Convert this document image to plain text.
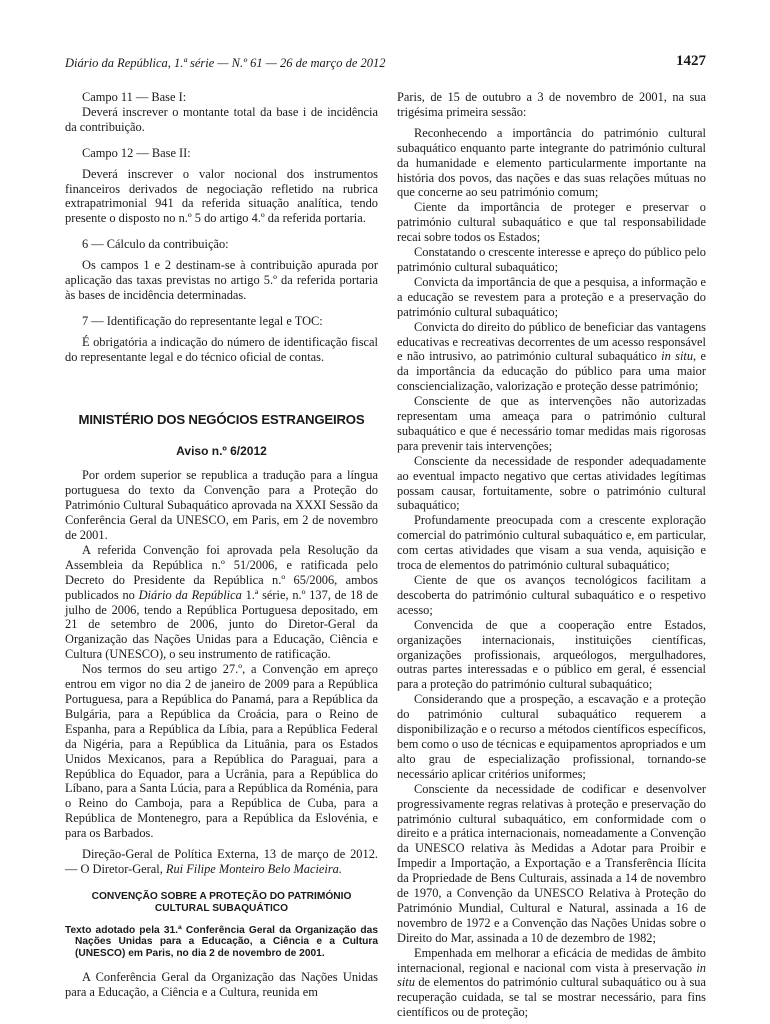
Diário da República, 1.ª série — N.º 61 — 26 de março de 2012	1427

Campo 11 — Base I:

Deverá inscrever o montante total da base i de incidência da contribuição.

Campo 12 — Base II:

Deverá inscrever o valor nocional dos instrumentos financeiros derivados de negociação refletido na rubrica extrapatrimonial 941 da referida situação analítica, tendo presente o disposto no n.º 5 do artigo 4.º da referida portaria.

6 — Cálculo da contribuição:

Os campos 1 e 2 destinam-se à contribuição apurada por aplicação das taxas previstas no artigo 5.º da referida portaria às bases de incidência determinadas.

7 — Identificação do representante legal e TOC:

É obrigatória a indicação do número de identificação fiscal do representante legal e do técnico oficial de contas.

MINISTÉRIO DOS NEGÓCIOS ESTRANGEIROS
Aviso n.º 6/2012

Por ordem superior se republica a tradução para a língua portuguesa do texto da Convenção para a Proteção do Património Cultural Subaquático aprovada na XXXI Sessão da Conferência Geral da UNESCO, em Paris, em 2 de novembro de 2001.

A referida Convenção foi aprovada pela Resolução da Assembleia da República n.º 51/2006, e ratificada pelo Decreto do Presidente da República n.º 65/2006, ambos publicados no Diário da República 1.ª série, n.º 137, de 18 de julho de 2006, tendo a República Portuguesa depositado, em 21 de setembro de 2006, junto do Diretor-Geral da Organização das Nações Unidas para a Educação, Ciência e Cultura (UNESCO), o seu instrumento de ratificação.

Nos termos do seu artigo 27.º, a Convenção em apreço entrou em vigor no dia 2 de janeiro de 2009 para a República Portuguesa, para a República do Panamá, para a República da Bulgária, para a República da Croácia, para o Reino de Espanha, para a República da Líbia, para a República Federal da Nigéria, para a República da Lituânia, para os Estados Unidos Mexicanos, para a República do Paraguai, para a República do Equador, para a Ucrânia, para a República do Líbano, para a Santa Lúcia, para a República da Roménia, para o Reino do Camboja, para a República de Cuba, para a República de Montenegro, para a República da Eslovénia, e para os Barbados.

Direção-Geral de Política Externa, 13 de março de 2012. — O Diretor-Geral, Rui Filipe Monteiro Belo Macieira.

CONVENÇÃO SOBRE A PROTEÇÃO DO PATRIMÓNIO CULTURAL SUBAQUÁTICO

Texto adotado pela 31.ª Conferência Geral da Organização das Nações Unidas para a Educação, a Ciência e a Cultura (UNESCO) em Paris, no dia 2 de novembro de 2001.

A Conferência Geral da Organização das Nações Unidas para a Educação, a Ciência e a Cultura, reunida em

Paris, de 15 de outubro a 3 de novembro de 2001, na sua trigésima primeira sessão:

Reconhecendo a importância do património cultural subaquático enquanto parte integrante do património cultural da humanidade e elemento particularmente importante na história dos povos, das nações e das suas relações mútuas no que concerne ao seu património comum;

Ciente da importância de proteger e preservar o património cultural subaquático e que tal responsabilidade recai sobre todos os Estados;

Constatando o crescente interesse e apreço do público pelo património cultural subaquático;

Convicta da importância de que a pesquisa, a informação e a educação se revestem para a proteção e a preservação do património cultural subaquático;

Convicta do direito do público de beneficiar das vantagens educativas e recreativas decorrentes de um acesso responsável e não intrusivo, ao património cultural subaquático in situ, e da importância da educação do público para uma maior consciencialização, valorização e proteção desse património;

Consciente de que as intervenções não autorizadas representam uma ameaça para o património cultural subaquático e que é necessário tomar medidas mais rigorosas para prevenir tais intervenções;

Consciente da necessidade de responder adequadamente ao eventual impacto negativo que certas atividades legítimas possam causar, fortuitamente, sobre o património cultural subaquático;

Profundamente preocupada com a crescente exploração comercial do património cultural subaquático e, em particular, com certas atividades que visam a sua venda, aquisição e troca de elementos do património cultural subaquático;

Ciente de que os avanços tecnológicos facilitam a descoberta do património cultural subaquático e o respetivo acesso;

Convencida de que a cooperação entre Estados, organizações internacionais, instituições científicas, organizações profissionais, arqueólogos, mergulhadores, outras partes interessadas e o público em geral, é essencial para a proteção do património cultural subaquático;

Considerando que a prospeção, a escavação e a proteção do património cultural subaquático requerem a disponibilização e o recurso a métodos científicos específicos, bem como o uso de técnicas e equipamentos apropriados e um alto grau de especialização profissional, tornando-se necessário aplicar critérios uniformes;

Consciente da necessidade de codificar e desenvolver progressivamente regras relativas à proteção e preservação do património cultural subaquático, em conformidade com o direito e a prática internacionais, nomeadamente a Convenção da UNESCO relativa às Medidas a Adotar para Proibir e Impedir a Importação, a Exportação e a Transferência Ilícita da Propriedade de Bens Culturais, assinada a 14 de novembro de 1970, a Convenção da UNESCO Relativa à Proteção do Património Mundial, Cultural e Natural, assinada a 16 de novembro de 1972 e a Convenção das Nações Unidas sobre o Direito do Mar, assinada a 10 de dezembro de 1982;

Empenhada em melhorar a eficácia de medidas de âmbito internacional, regional e nacional com vista à preservação in situ de elementos do património cultural subaquático ou à sua recuperação cuidada, se tal se mostrar necessário, para fins científicos ou de proteção;
